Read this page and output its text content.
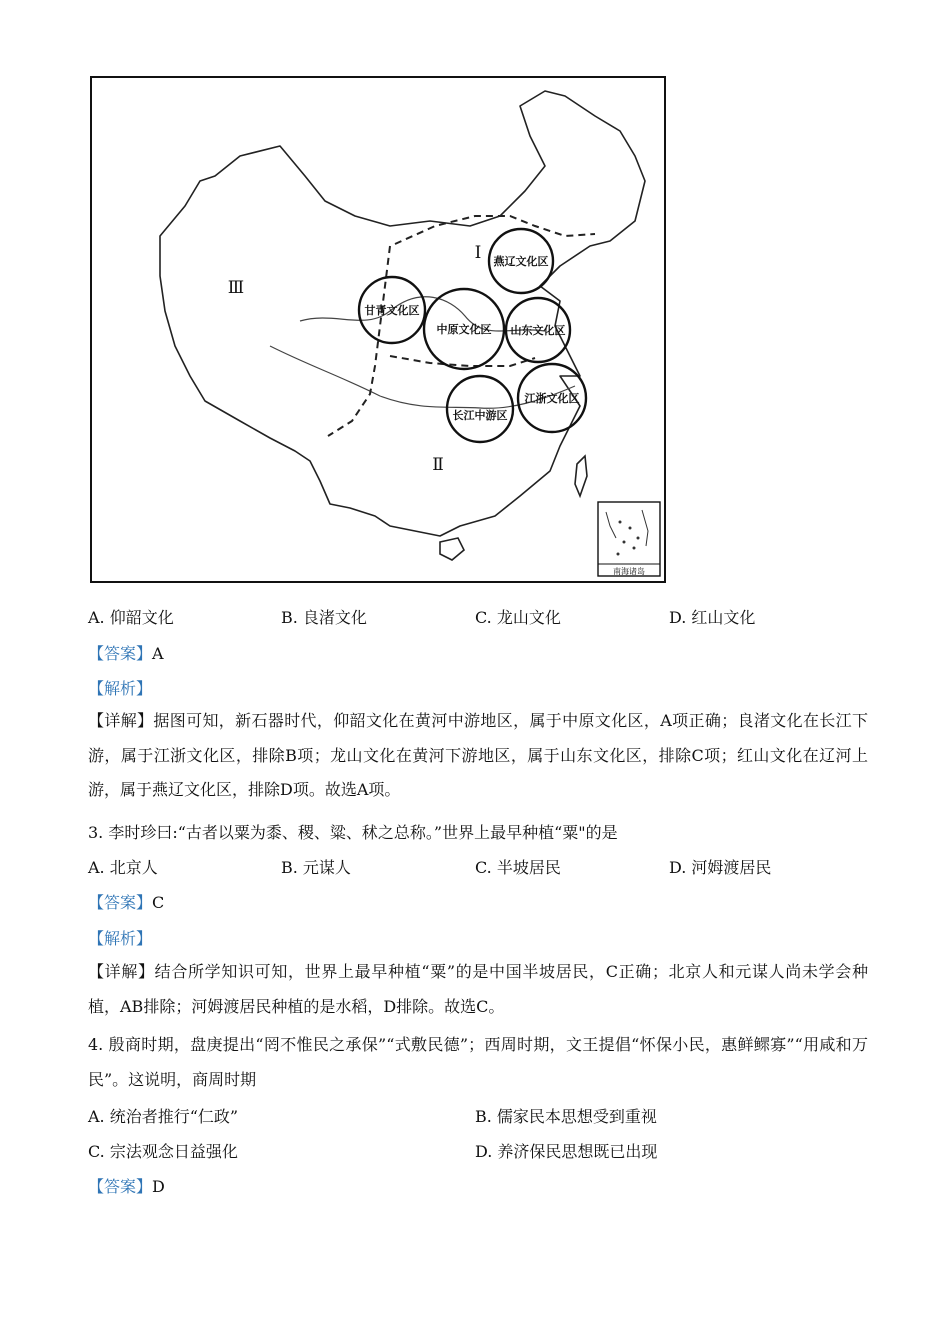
燕辽文化区
甘青文化区
中原文化区 山东文化区
长江中游区
江浙文化区
Ⅰ
Ⅱ
Ⅲ
南海诸岛
A. 仰韶文化	B. 良渚文化	C. 龙山文化	D. 红山文化
【答案】A
【解析】
【详解】据图可知，新石器时代，仰韶文化在黄河中游地区，属于中原文化区，A项正确；良渚文化在长江下游，属于江浙文化区，排除B项；龙山文化在黄河下游地区，属于山东文化区，排除C项；红山文化在辽河上游，属于燕辽文化区，排除D项。故选A项。
3. 李时珍曰:“古者以粟为黍、稷、粱、秫之总称。”世界上最早种植“粟"的是
A. 北京人	B. 元谋人	C. 半坡居民	D. 河姆渡居民
【答案】C
【解析】
【详解】结合所学知识可知，世界上最早种植“粟”的是中国半坡居民，C正确；北京人和元谋人尚未学会种植，AB排除；河姆渡居民种植的是水稻，D排除。故选C。
4. 殷商时期，盘庚提出“罔不惟民之承保”“式敷民德”；西周时期，文王提倡“怀保小民，惠鲜鳏寡”“用咸和万民”。这说明，商周时期
A. 统治者推行“仁政”	B. 儒家民本思想受到重视
C. 宗法观念日益强化	D. 养济保民思想既已出现
【答案】D
